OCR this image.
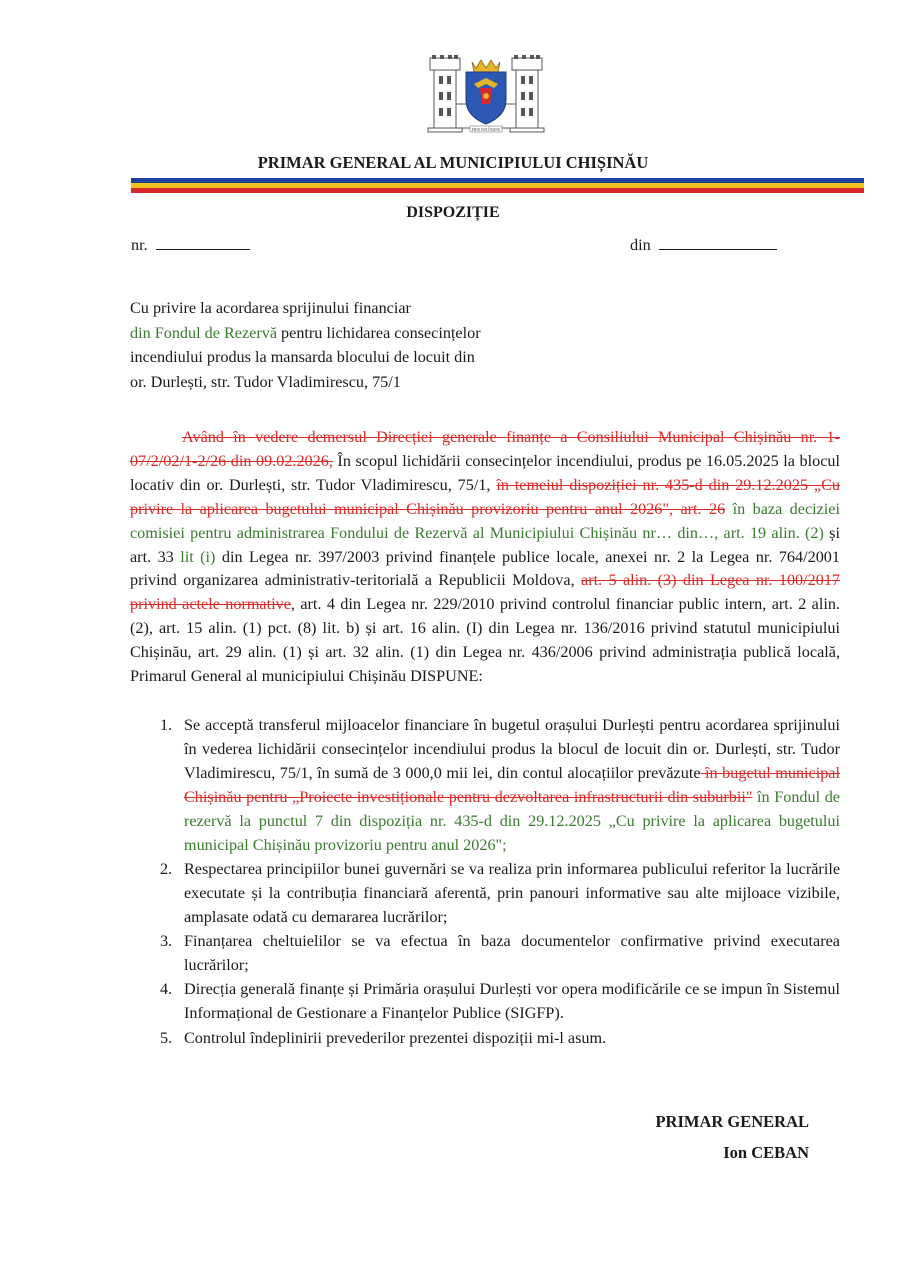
PRIN NOI ÎNȘINE
PRIMAR GENERAL AL MUNICIPIULUI CHIȘINĂU
DISPOZIȚIE
nr.	din
Cu privire la acordarea sprijinului financiar
din Fondul de Rezervă pentru lichidarea consecințelor
incendiului produs la mansarda blocului de locuit din
or. Durlești, str. Tudor Vladimirescu, 75/1

Având în vedere demersul Direcției generale finanțe a Consiliului Municipal Chișinău nr. 1-07/2/02/1-2/26 din 09.02.2026, În scopul lichidării consecințelor incendiului, produs pe 16.05.2025 la blocul locativ din or. Durlești, str. Tudor Vladimirescu, 75/1, în temeiul dispoziției nr. 435-d din 29.12.2025 „Cu privire la aplicarea bugetului municipal Chișinău provizoriu pentru anul 2026", art. 26 în baza deciziei comisiei pentru administrarea Fondului de Rezervă al Municipiului Chișinău nr… din…, art. 19 alin. (2) și art. 33 lit (i) din Legea nr. 397/2003 privind finanțele publice locale, anexei nr. 2 la Legea nr. 764/2001 privind organizarea administrativ-teritorială a Republicii Moldova, art. 5 alin. (3) din Legea nr. 100/2017 privind actele normative, art. 4 din Legea nr. 229/2010 privind controlul financiar public intern, art. 2 alin. (2), art. 15 alin. (1) pct. (8) lit. b) și art. 16 alin. (I) din Legea nr. 136/2016 privind statutul municipiului Chișinău, art. 29 alin. (1) și art. 32 alin. (1) din Legea nr. 436/2006 privind administrația publică locală, Primarul General al municipiului Chișinău DISPUNE:

1. Se acceptă transferul mijloacelor financiare în bugetul orașului Durlești pentru acordarea sprijinului în vederea lichidării consecințelor incendiului produs la blocul de locuit din or. Durlești, str. Tudor Vladimirescu, 75/1, în sumă de 3 000,0 mii lei, din contul alocațiilor prevăzute în bugetul municipal Chișinău pentru „Proiecte investiționale pentru dezvoltarea infrastructurii din suburbii" în Fondul de rezervă la punctul 7 din dispoziția nr. 435-d din 29.12.2025 „Cu privire la aplicarea bugetului municipal Chișinău provizoriu pentru anul 2026";
2. Respectarea principiilor bunei guvernări se va realiza prin informarea publicului referitor la lucrările executate și la contribuția financiară aferentă, prin panouri informative sau alte mijloace vizibile, amplasate odată cu demararea lucrărilor;
3. Finanțarea cheltuielilor se va efectua în baza documentelor confirmative privind executarea lucrărilor;
4. Direcția generală finanțe și Primăria orașului Durlești vor opera modificările ce se impun în Sistemul Informațional de Gestionare a Finanțelor Publice (SIGFP).
5. Controlul îndeplinirii prevederilor prezentei dispoziții mi-l asum.
PRIMAR GENERAL
Ion CEBAN
